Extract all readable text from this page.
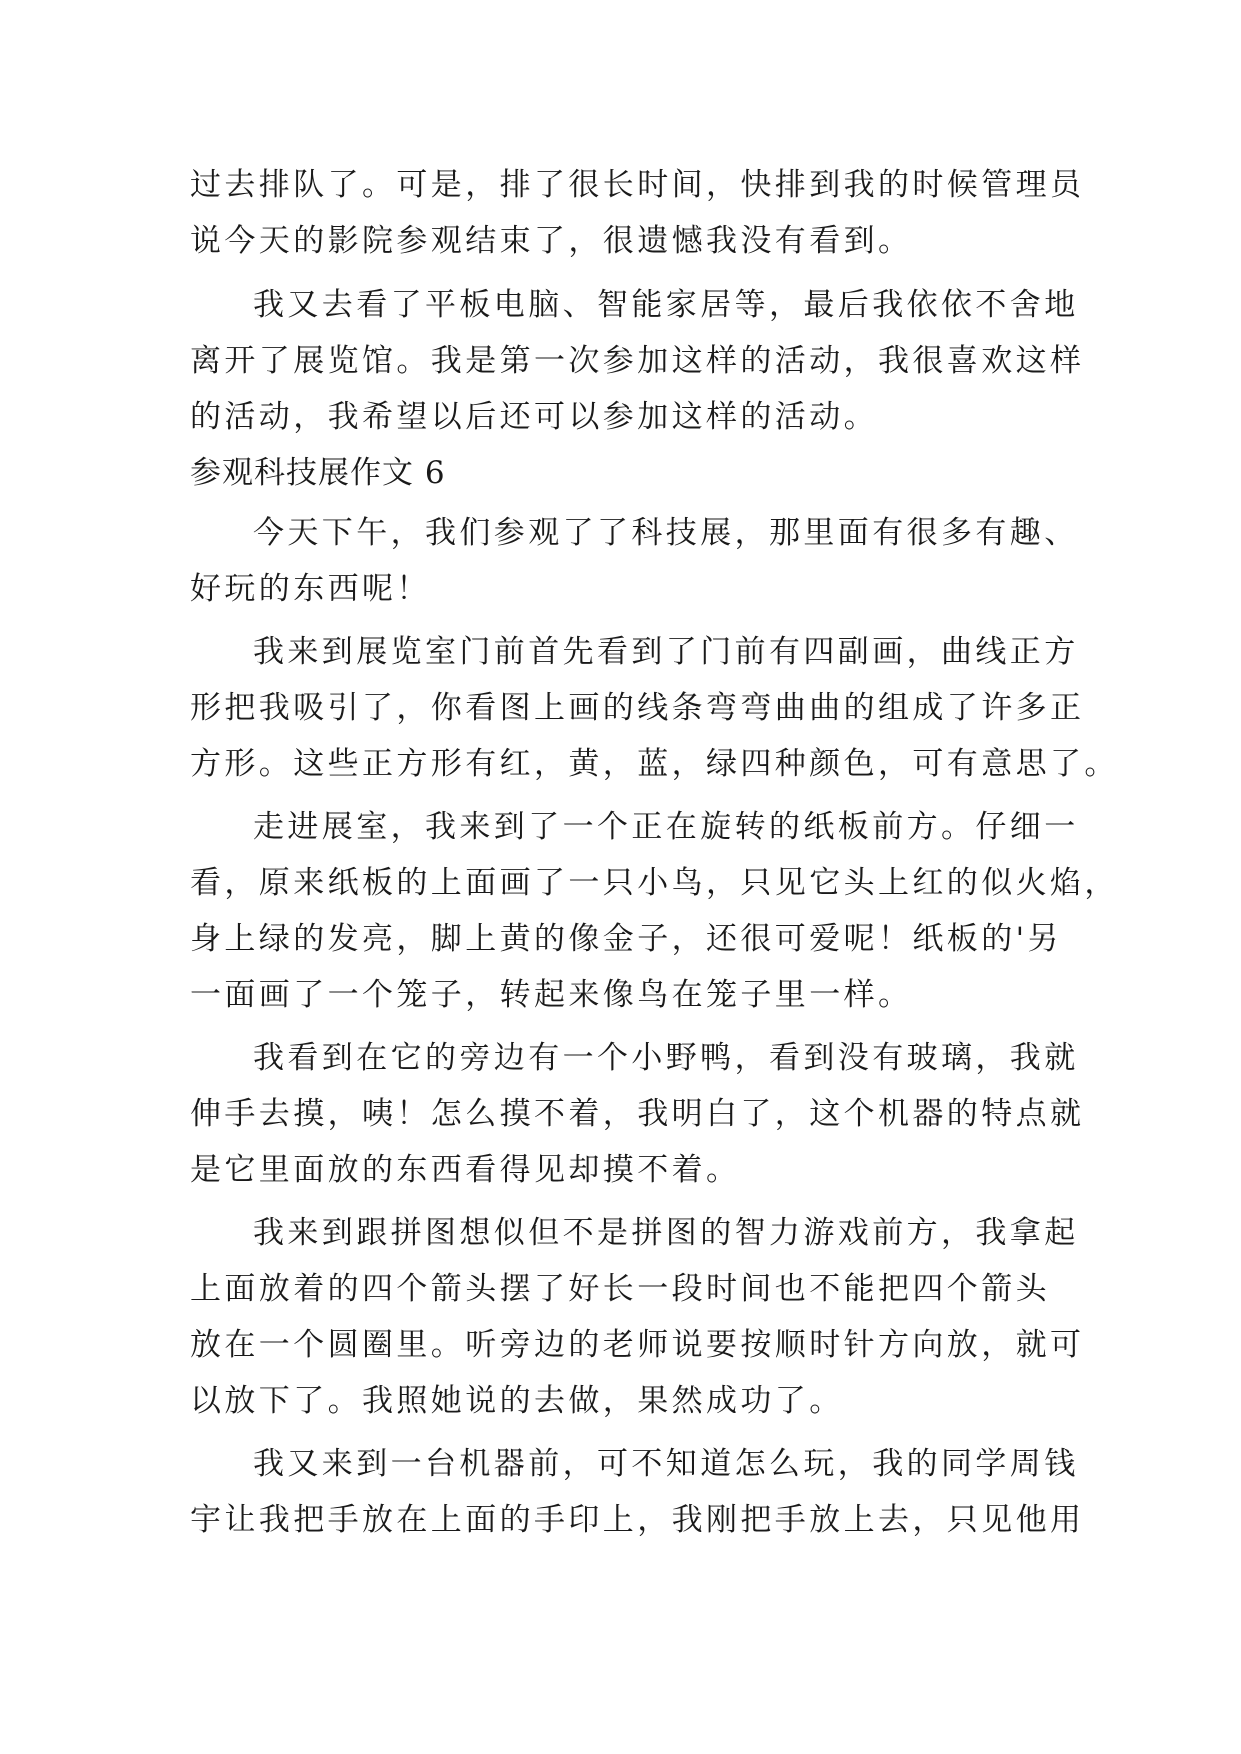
过去排队了。可是，排了很长时间，快排到我的时候管理员
说今天的影院参观结束了，很遗憾我没有看到。
我又去看了平板电脑、智能家居等，最后我依依不舍地
离开了展览馆。我是第一次参加这样的活动，我很喜欢这样
的活动，我希望以后还可以参加这样的活动。
参观科技展作文 6
今天下午，我们参观了了科技展，那里面有很多有趣、
好玩的东西呢！
我来到展览室门前首先看到了门前有四副画，曲线正方
形把我吸引了，你看图上画的线条弯弯曲曲的组成了许多正
方形。这些正方形有红，黄，蓝，绿四种颜色，可有意思了。
走进展室，我来到了一个正在旋转的纸板前方。仔细一
看，原来纸板的上面画了一只小鸟，只见它头上红的似火焰，
身上绿的发亮，脚上黄的像金子，还很可爱呢！纸板的'另
一面画了一个笼子，转起来像鸟在笼子里一样。
我看到在它的旁边有一个小野鸭，看到没有玻璃，我就
伸手去摸，咦！怎么摸不着，我明白了，这个机器的特点就
是它里面放的东西看得见却摸不着。
我来到跟拼图想似但不是拼图的智力游戏前方，我拿起
上面放着的四个箭头摆了好长一段时间也不能把四个箭头
放在一个圆圈里。听旁边的老师说要按顺时针方向放，就可
以放下了。我照她说的去做，果然成功了。
我又来到一台机器前，可不知道怎么玩，我的同学周钱
宇让我把手放在上面的手印上，我刚把手放上去，只见他用
